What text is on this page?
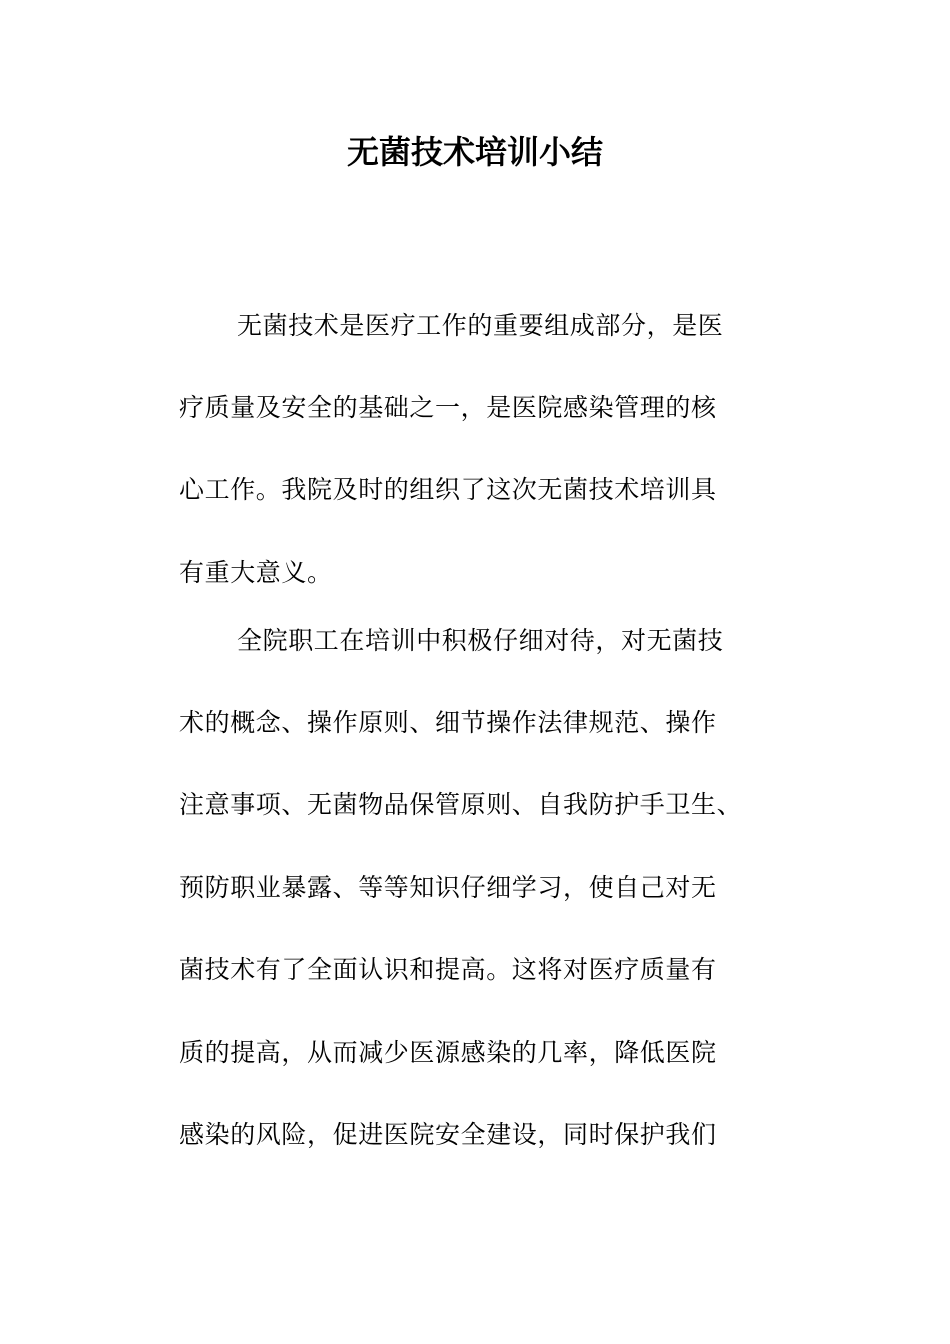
无菌技术培训小结
无菌技术是医疗工作的重要组成部分，是医
疗质量及安全的基础之一，是医院感染管理的核
心工作。我院及时的组织了这次无菌技术培训具
有重大意义。
全院职工在培训中积极仔细对待，对无菌技
术的概念、操作原则、细节操作法律规范、操作
注意事项、无菌物品保管原则、自我防护手卫生、
预防职业暴露、等等知识仔细学习，使自己对无
菌技术有了全面认识和提高。这将对医疗质量有
质的提高，从而减少医源感染的几率，降低医院
感染的风险，促进医院安全建设，同时保护我们
